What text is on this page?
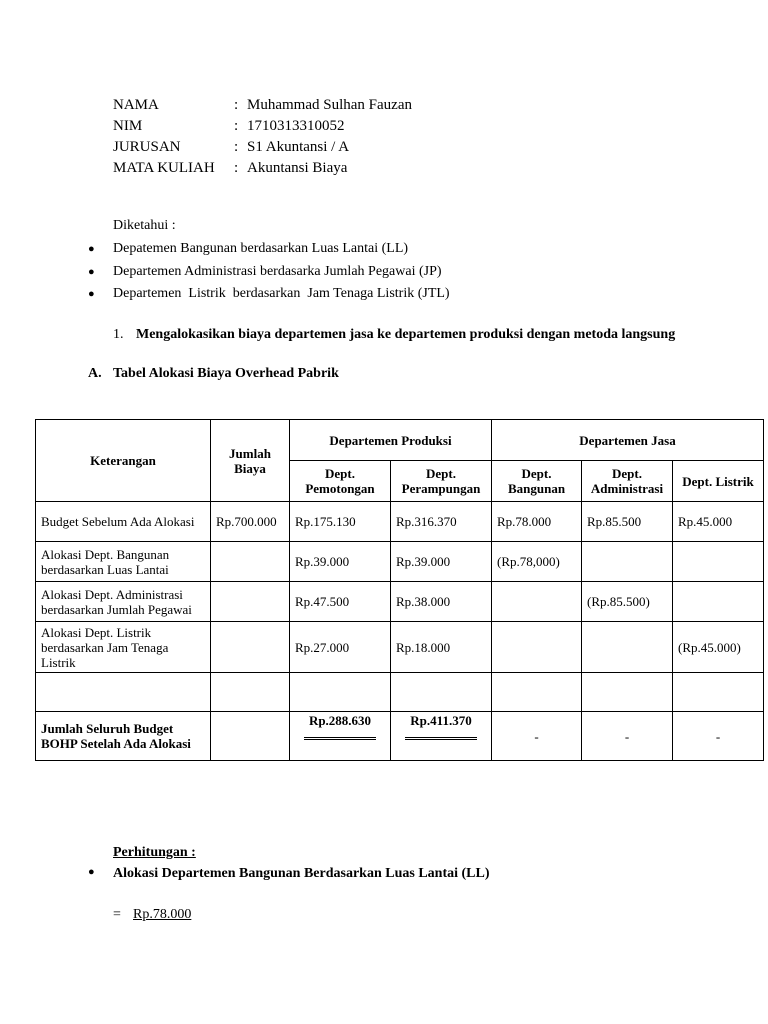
NAMA	: Muhammad Sulhan Fauzan
NIM	: 1710313310052
JURUSAN	: S1 Akuntansi / A
MATA KULIAH	: Akuntansi Biaya
Diketahui :
●	Depatemen Bangunan berdasarkan Luas Lantai (LL)
●	Departemen Administrasi berdasarka Jumlah Pegawai (JP)
●	Departemen  Listrik  berdasarkan  Jam Tenaga Listrik (JTL)
1. Mengalokasikan biaya departemen jasa ke departemen produksi dengan metoda langsung
A. Tabel Alokasi Biaya Overhead Pabrik
Keterangan	Jumlah Biaya	Departemen Produksi		Departemen Jasa		
		Dept. Pemotongan	Dept. Perampungan	Dept. Bangunan	Dept. Administrasi	Dept. Listrik
Budget Sebelum Ada Alokasi	Rp.700.000	Rp.175.130	Rp.316.370	Rp.78.000	Rp.85.500	Rp.45.000
Alokasi Dept. Bangunan berdasarkan Luas Lantai		Rp.39.000	Rp.39.000	(Rp.78,000)		
Alokasi Dept. Administrasi berdasarkan Jumlah Pegawai		Rp.47.500	Rp.38.000		(Rp.85.500)	
Alokasi Dept. Listrik berdasarkan Jam Tenaga Listrik		Rp.27.000	Rp.18.000			(Rp.45.000)

Jumlah Seluruh Budget BOHP Setelah Ada Alokasi		Rp.288.630	Rp.411.370	-	-	-
Perhitungan :
●	Alokasi Departemen Bangunan Berdasarkan Luas Lantai (LL)
= Rp.78.000
